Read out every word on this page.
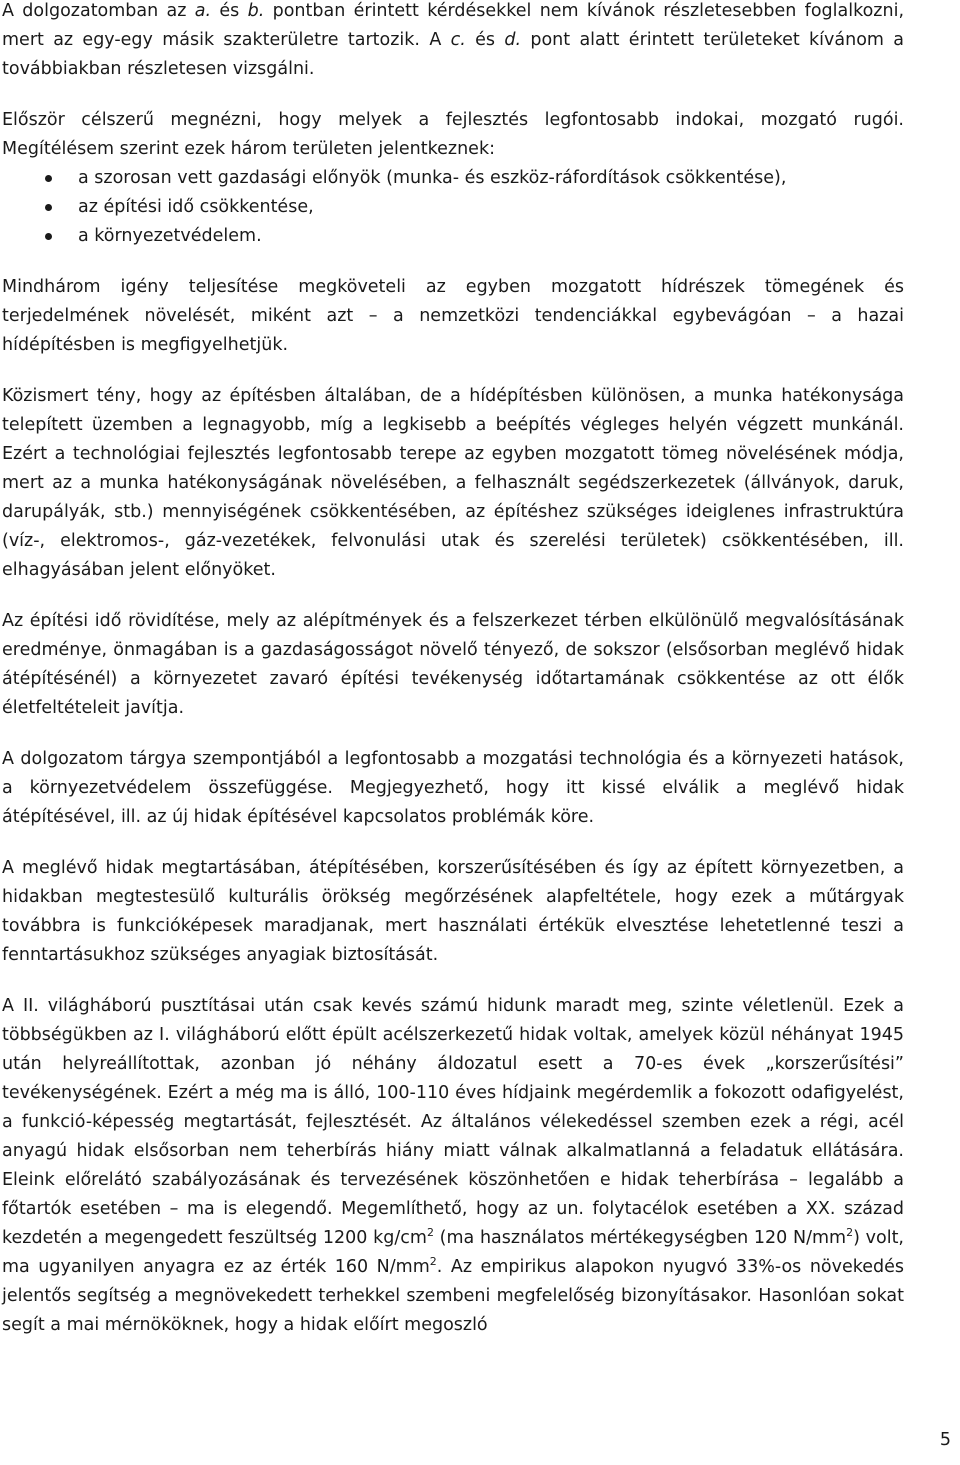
A dolgozatomban az a. és b. pontban érintett kérdésekkel nem kívánok részletesebben foglalkozni, mert az egy-egy másik szakterületre tartozik. A c. és d. pont alatt érintett területeket kívánom a továbbiakban részletesen vizsgálni.

Először célszerű megnézni, hogy melyek a fejlesztés legfontosabb indokai, mozgató rugói. Megítélésem szerint ezek három területen jelentkeznek:

a szorosan vett gazdasági előnyök (munka- és eszköz-ráfordítások csökkentése),
az építési idő csökkentése,
a környezetvédelem.

Mindhárom igény teljesítése megköveteli az egyben mozgatott hídrészek tömegének és terjedelmének növelését, miként azt – a nemzetközi tendenciákkal egybevágóan – a hazai hídépítésben is megfigyelhetjük.

Közismert tény, hogy az építésben általában, de a hídépítésben különösen, a munka hatékonysága telepített üzemben a legnagyobb, míg a legkisebb a beépítés végleges helyén végzett munkánál. Ezért a technológiai fejlesztés legfontosabb terepe az egyben mozgatott tömeg növelésének módja, mert az a munka hatékonyságának növelésében, a felhasznált segédszerkezetek (állványok, daruk, darupályák, stb.) mennyiségének csökkentésében, az építéshez szükséges ideiglenes infrastruktúra (víz-, elektromos-, gáz-vezetékek, felvonulási utak és szerelési területek) csökkentésében, ill. elhagyásában jelent előnyöket.

Az építési idő rövidítése, mely az alépítmények és a felszerkezet térben elkülönülő megvalósításának eredménye, önmagában is a gazdaságosságot növelő tényező, de sokszor (elsősorban meglévő hidak átépítésénél) a környezetet zavaró építési tevékenység időtartamának csökkentése az ott élők életfeltételeit javítja.

A dolgozatom tárgya szempontjából a legfontosabb a mozgatási technológia és a környezeti hatások, a környezetvédelem összefüggése. Megjegyezhető, hogy itt kissé elválik a meglévő hidak átépítésével, ill. az új hidak építésével kapcsolatos problémák köre.

A meglévő hidak megtartásában, átépítésében, korszerűsítésében és így az épített környezetben, a hidakban megtestesülő kulturális örökség megőrzésének alapfeltétele, hogy ezek a műtárgyak továbbra is funkcióképesek maradjanak, mert használati értékük elvesztése lehetetlenné teszi a fenntartásukhoz szükséges anyagiak biztosítását.

A II. világháború pusztításai után csak kevés számú hidunk maradt meg, szinte véletlenül. Ezek a többségükben az I. világháború előtt épült acélszerkezetű hidak voltak, amelyek közül néhányat 1945 után helyreállítottak, azonban jó néhány áldozatul esett a 70-es évek „korszerűsítési” tevékenységének. Ezért a még ma is álló, 100-110 éves hídjaink megérdemlik a fokozott odafigyelést, a funkció-képesség megtartását, fejlesztését. Az általános vélekedéssel szemben ezek a régi, acél anyagú hidak elsősorban nem teherbírás hiány miatt válnak alkalmatlanná a feladatuk ellátására. Eleink előrelátó szabályozásának és tervezésének köszönhetően e hidak teherbírása – legalább a főtartók esetében – ma is elegendő. Megemlíthető, hogy az un. folytacélok esetében a XX. század kezdetén a megengedett feszültség 1200 $kg/cm^2$ (ma használatos mértékegységben 120 $N/mm^2$) volt, ma ugyanilyen anyagra ez az érték 160 $N/mm^2$. Az empirikus alapokon nyugvó 33%-os növekedés jelentős segítség a megnövekedett terhekkel szembeni megfelelőség bizonyításakor. Hasonlóan sokat segít a mai mérnököknek, hogy a hidak előírt megoszló

5
